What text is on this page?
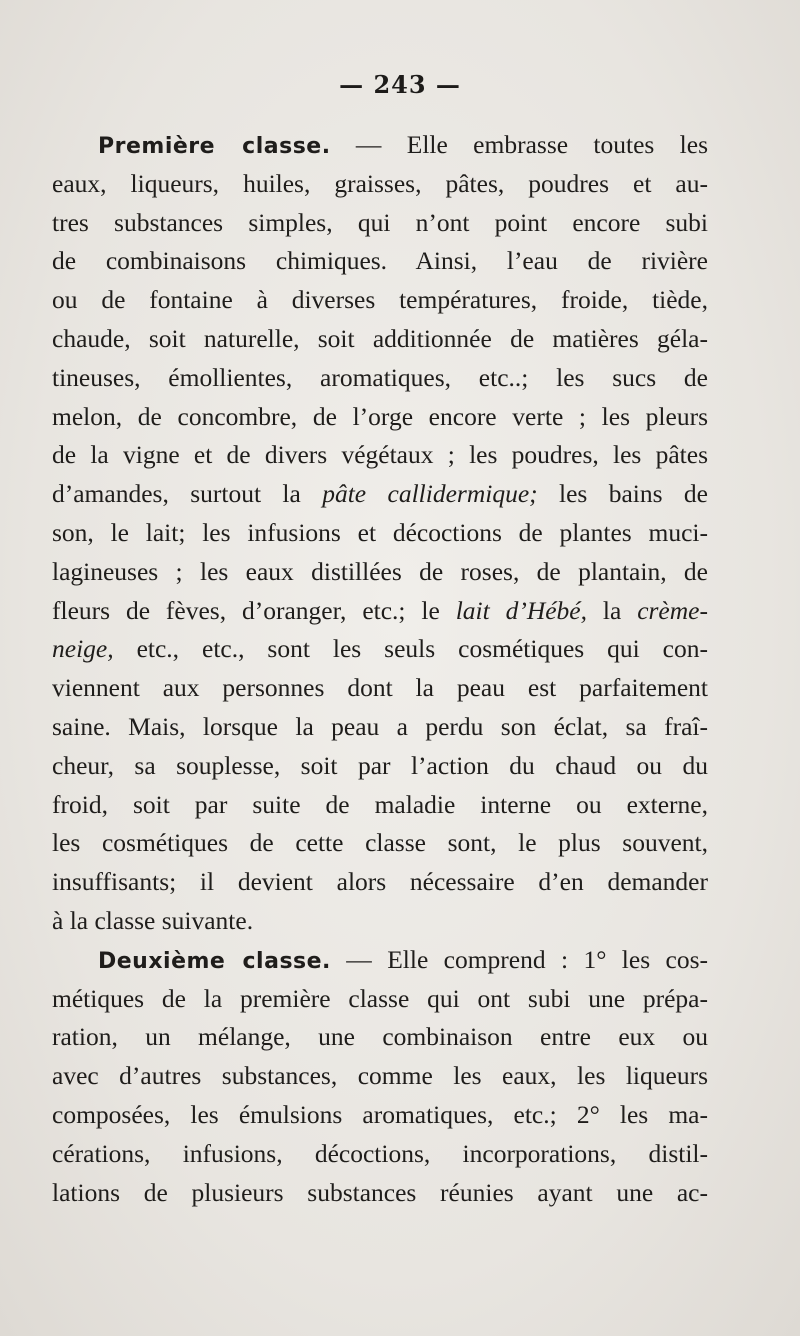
— 243 —
Première classe. — Elle embrasse toutes les
eaux, liqueurs, huiles, graisses, pâtes, poudres et au-
tres substances simples, qui n’ont point encore subi
de combinaisons chimiques. Ainsi, l’eau de rivière
ou de fontaine à diverses températures, froide, tiède,
chaude, soit naturelle, soit additionnée de matières géla-
tineuses, émollientes, aromatiques, etc..; les sucs de
melon, de concombre, de l’orge encore verte ; les pleurs
de la vigne et de divers végétaux ; les poudres, les pâtes
d’amandes, surtout la pâte callidermique; les bains de
son, le lait; les infusions et décoctions de plantes muci-
lagineuses ; les eaux distillées de roses, de plantain, de
fleurs de fèves, d’oranger, etc.; le lait d’Hébé, la crème-
neige, etc., etc., sont les seuls cosmétiques qui con-
viennent aux personnes dont la peau est parfaitement
saine. Mais, lorsque la peau a perdu son éclat, sa fraî-
cheur, sa souplesse, soit par l’action du chaud ou du
froid, soit par suite de maladie interne ou externe,
les cosmétiques de cette classe sont, le plus souvent,
insuffisants; il devient alors nécessaire d’en demander
à la classe suivante.
Deuxième classe. — Elle comprend : 1° les cos-
métiques de la première classe qui ont subi une prépa-
ration, un mélange, une combinaison entre eux ou
avec d’autres substances, comme les eaux, les liqueurs
composées, les émulsions aromatiques, etc.; 2° les ma-
cérations, infusions, décoctions, incorporations, distil-
lations de plusieurs substances réunies ayant une ac-
